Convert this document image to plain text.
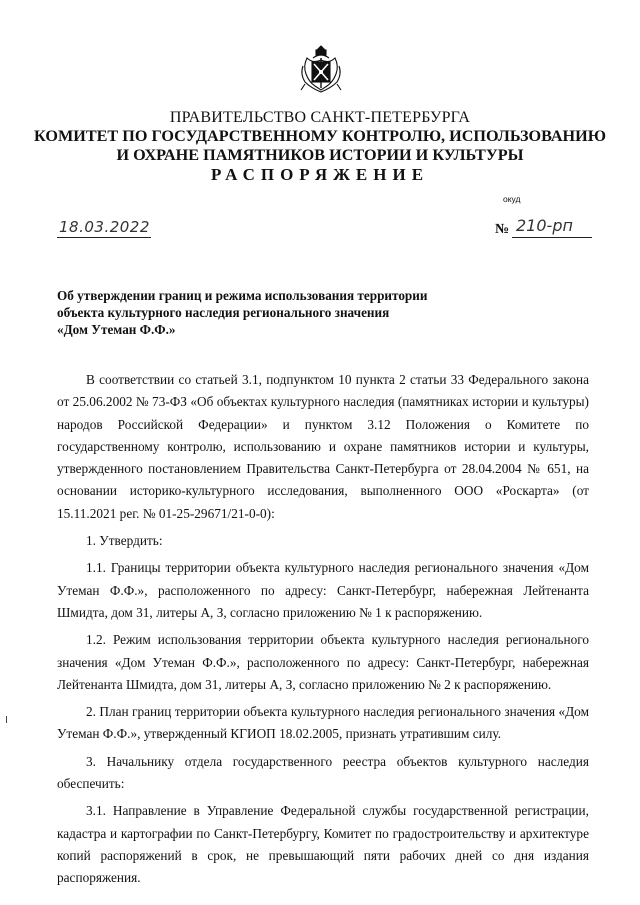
ПРАВИТЕЛЬСТВО САНКТ-ПЕТЕРБУРГА
КОМИТЕТ ПО ГОСУДАРСТВЕННОМУ КОНТРОЛЮ, ИСПОЛЬЗОВАНИЮ
И ОХРАНЕ ПАМЯТНИКОВ ИСТОРИИ И КУЛЬТУРЫ
РАСПОРЯЖЕНИЕ
окуд
18.03.2022	№ 210-рп
Об утверждении границ и режима использования территории
объекта культурного наследия регионального значения
«Дом Утеман Ф.Ф.»

В соответствии со статьей 3.1, подпунктом 10 пункта 2 статьи 33 Федерального закона от 25.06.2002 № 73-ФЗ «Об объектах культурного наследия (памятниках истории и культуры) народов Российской Федерации» и пунктом 3.12 Положения о Комитете по государственному контролю, использованию и охране памятников истории и культуры, утвержденного постановлением Правительства Санкт-Петербурга от 28.04.2004 № 651, на основании историко-культурного исследования, выполненного ООО «Роскарта» (от 15.11.2021 рег. № 01-25-29671/21-0-0):

1. Утвердить:

1.1. Границы территории объекта культурного наследия регионального значения «Дом Утеман Ф.Ф.», расположенного по адресу: Санкт-Петербург, набережная Лейтенанта Шмидта, дом 31, литеры А, З, согласно приложению № 1 к распоряжению.

1.2. Режим использования территории объекта культурного наследия регионального значения «Дом Утеман Ф.Ф.», расположенного по адресу: Санкт-Петербург, набережная Лейтенанта Шмидта, дом 31, литеры А, З, согласно приложению № 2 к распоряжению.

2. План границ территории объекта культурного наследия регионального значения «Дом Утеман Ф.Ф.», утвержденный КГИОП 18.02.2005, признать утратившим силу.

3. Начальнику отдела государственного реестра объектов культурного наследия обеспечить:

3.1. Направление в Управление Федеральной службы государственной регистрации, кадастра и картографии по Санкт-Петербургу, Комитет по градостроительству и архитектуре копий распоряжений в срок, не превышающий пяти рабочих дней со дня издания распоряжения.
